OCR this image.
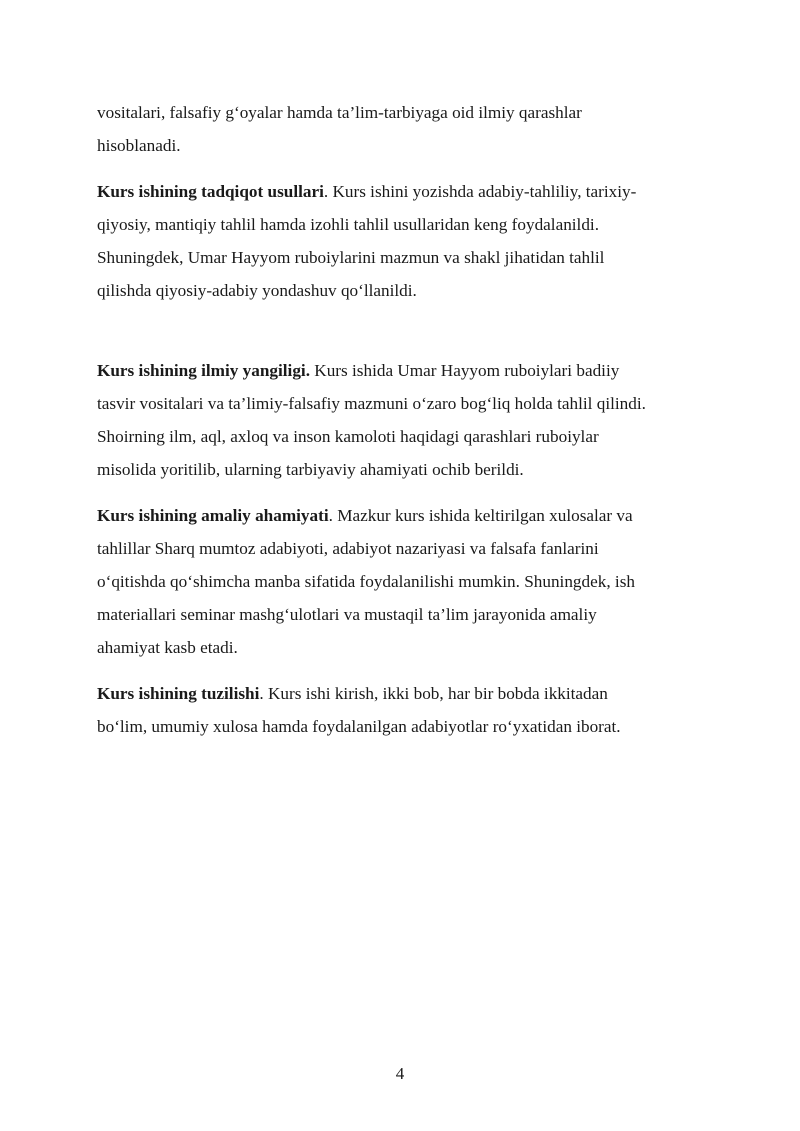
vositalari, falsafiy g‘oyalar hamda ta’lim-tarbiyaga oid ilmiy qarashlar
hisoblanadi.

Kurs ishining tadqiqot usullari. Kurs ishini yozishda adabiy-tahliliy, tarixiy-
qiyosiy, mantiqiy tahlil hamda izohli tahlil usullaridan keng foydalanildi.
Shuningdek, Umar Hayyom ruboiylarini mazmun va shakl jihatidan tahlil
qilishda qiyosiy-adabiy yondashuv qo‘llanildi.

Kurs ishining ilmiy yangiligi. Kurs ishida Umar Hayyom ruboiylari badiiy
tasvir vositalari va ta’limiy-falsafiy mazmuni o‘zaro bog‘liq holda tahlil qilindi.
Shoirning ilm, aql, axloq va inson kamoloti haqidagi qarashlari ruboiylar
misolida yoritilib, ularning tarbiyaviy ahamiyati ochib berildi.

Kurs ishining amaliy ahamiyati. Mazkur kurs ishida keltirilgan xulosalar va
tahlillar Sharq mumtoz adabiyoti, adabiyot nazariyasi va falsafa fanlarini
o‘qitishda qo‘shimcha manba sifatida foydalanilishi mumkin. Shuningdek, ish
materiallari seminar mashg‘ulotlari va mustaqil ta’lim jarayonida amaliy
ahamiyat kasb etadi.

Kurs ishining tuzilishi. Kurs ishi kirish, ikki bob, har bir bobda ikkitadan
bo‘lim, umumiy xulosa hamda foydalanilgan adabiyotlar ro‘yxatidan iborat.

4
